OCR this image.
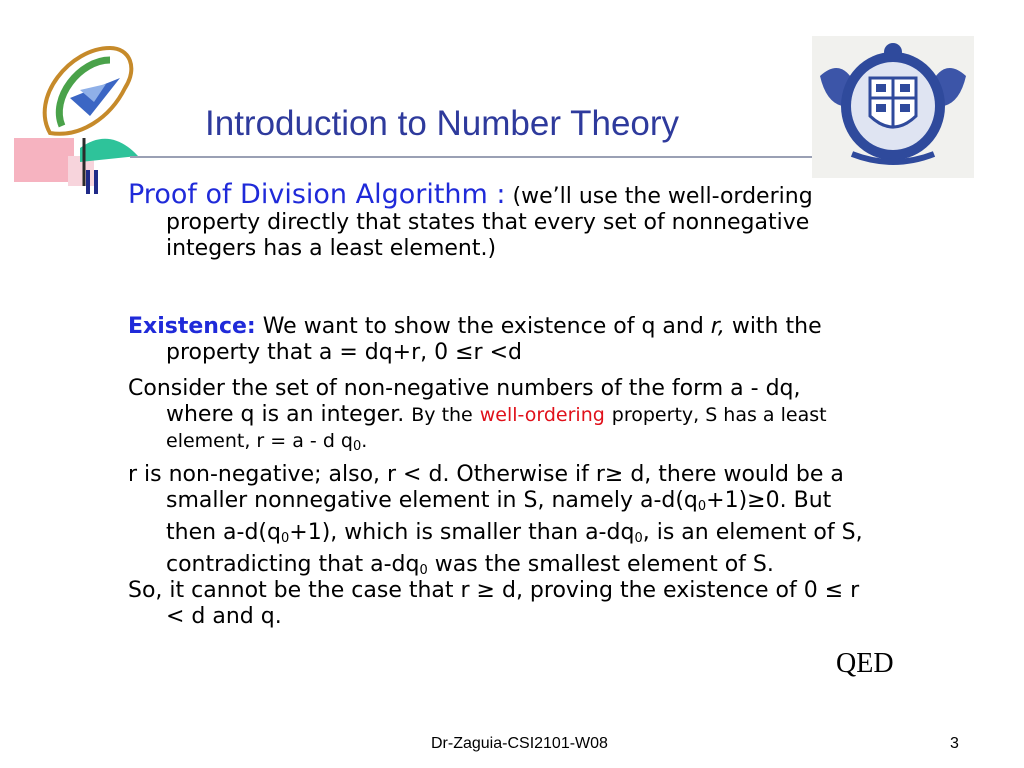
Introduction to Number Theory
Proof of Division Algorithm : (we’ll use the well-ordering
property directly that states that every set of nonnegative
integers has a least element.)
Existence: We want to show the existence of q and r, with the
property that a = dq+r, 0 ≤r <d
Consider the set of non-negative numbers of the form a - dq,
where q is an integer. By the well-ordering property, S has a least
element, r = a - d $q_0$.
r is non-negative; also, r < d. Otherwise if r≥ d, there would be a
smaller nonnegative element in S, namely $a-d(q_0+1)\ge 0$. But
then $a-d(q_0+1)$, which is smaller than $a-dq_0$, is an element of S,
contradicting that $a-dq_0$ was the smallest element of S.
So, it cannot be the case that r ≥ d, proving the existence of 0 ≤ r
< d and q.
QED
Dr-Zaguia-CSI2101-W08	3
